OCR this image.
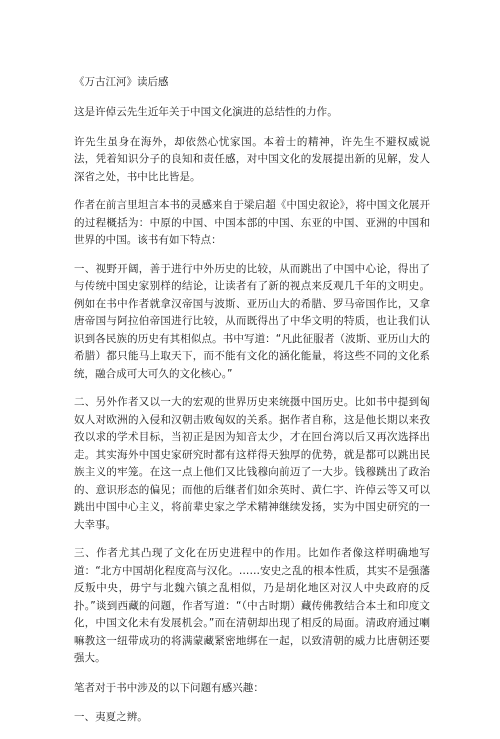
《万古江河》读后感

这是许倬云先生近年关于中国文化演进的总结性的力作。

许先生虽身在海外，却依然心忧家国。本着士的精神，许先生不避权威说法，凭着知识分子的良知和责任感，对中国文化的发展提出新的见解，发人深省之处，书中比比皆是。

作者在前言里坦言本书的灵感来自于梁启超《中国史叙论》，将中国文化展开的过程概括为：中原的中国、中国本部的中国、东亚的中国、亚洲的中国和世界的中国。该书有如下特点：

一、视野开阔，善于进行中外历史的比较，从而跳出了中国中心论，得出了与传统中国史家别样的结论，让读者有了新的视点来反观几千年的文明史。例如在书中作者就拿汉帝国与波斯、亚历山大的希腊、罗马帝国作比，又拿唐帝国与阿拉伯帝国进行比较，从而既得出了中华文明的特质，也让我们认识到各民族的历史有其相似点。书中写道：“凡此征服者（波斯、亚历山大的希腊）都只能马上取天下，而不能有文化的涵化能量，将这些不同的文化系统，融合成可大可久的文化核心。”

二、另外作者又以一大的宏观的世界历史来统摄中国历史。比如书中提到匈奴人对欧洲的入侵和汉朝击败匈奴的关系。据作者自称，这是他长期以来孜孜以求的学术目标，当初正是因为知音太少，才在回台湾以后又再次选择出走。其实海外中国史家研究时都有这样得天独厚的优势，就是都可以跳出民族主义的牢笼。在这一点上他们又比钱穆向前迈了一大步。钱穆跳出了政治的、意识形态的偏见；而他的后继者们如余英时、黄仁宇、许倬云等又可以跳出中国中心主义，将前辈史家之学术精神继续发扬，实为中国史研究的一大幸事。

三、作者尤其凸现了文化在历史进程中的作用。比如作者像这样明确地写道：“北方中国胡化程度高与汉化。……安史之乱的根本性质，其实不是强藩反叛中央，毋宁与北魏六镇之乱相似，乃是胡化地区对汉人中央政府的反扑。”谈到西藏的问题，作者写道：“（中古时期）藏传佛教结合本土和印度文化，中国文化未有发展机会。”而在清朝却出现了相反的局面。清政府通过喇嘛教这一纽带成功的将满蒙藏紧密地绑在一起，以致清朝的威力比唐朝还要强大。

笔者对于书中涉及的以下问题有感兴趣：

一、夷夏之辨。
